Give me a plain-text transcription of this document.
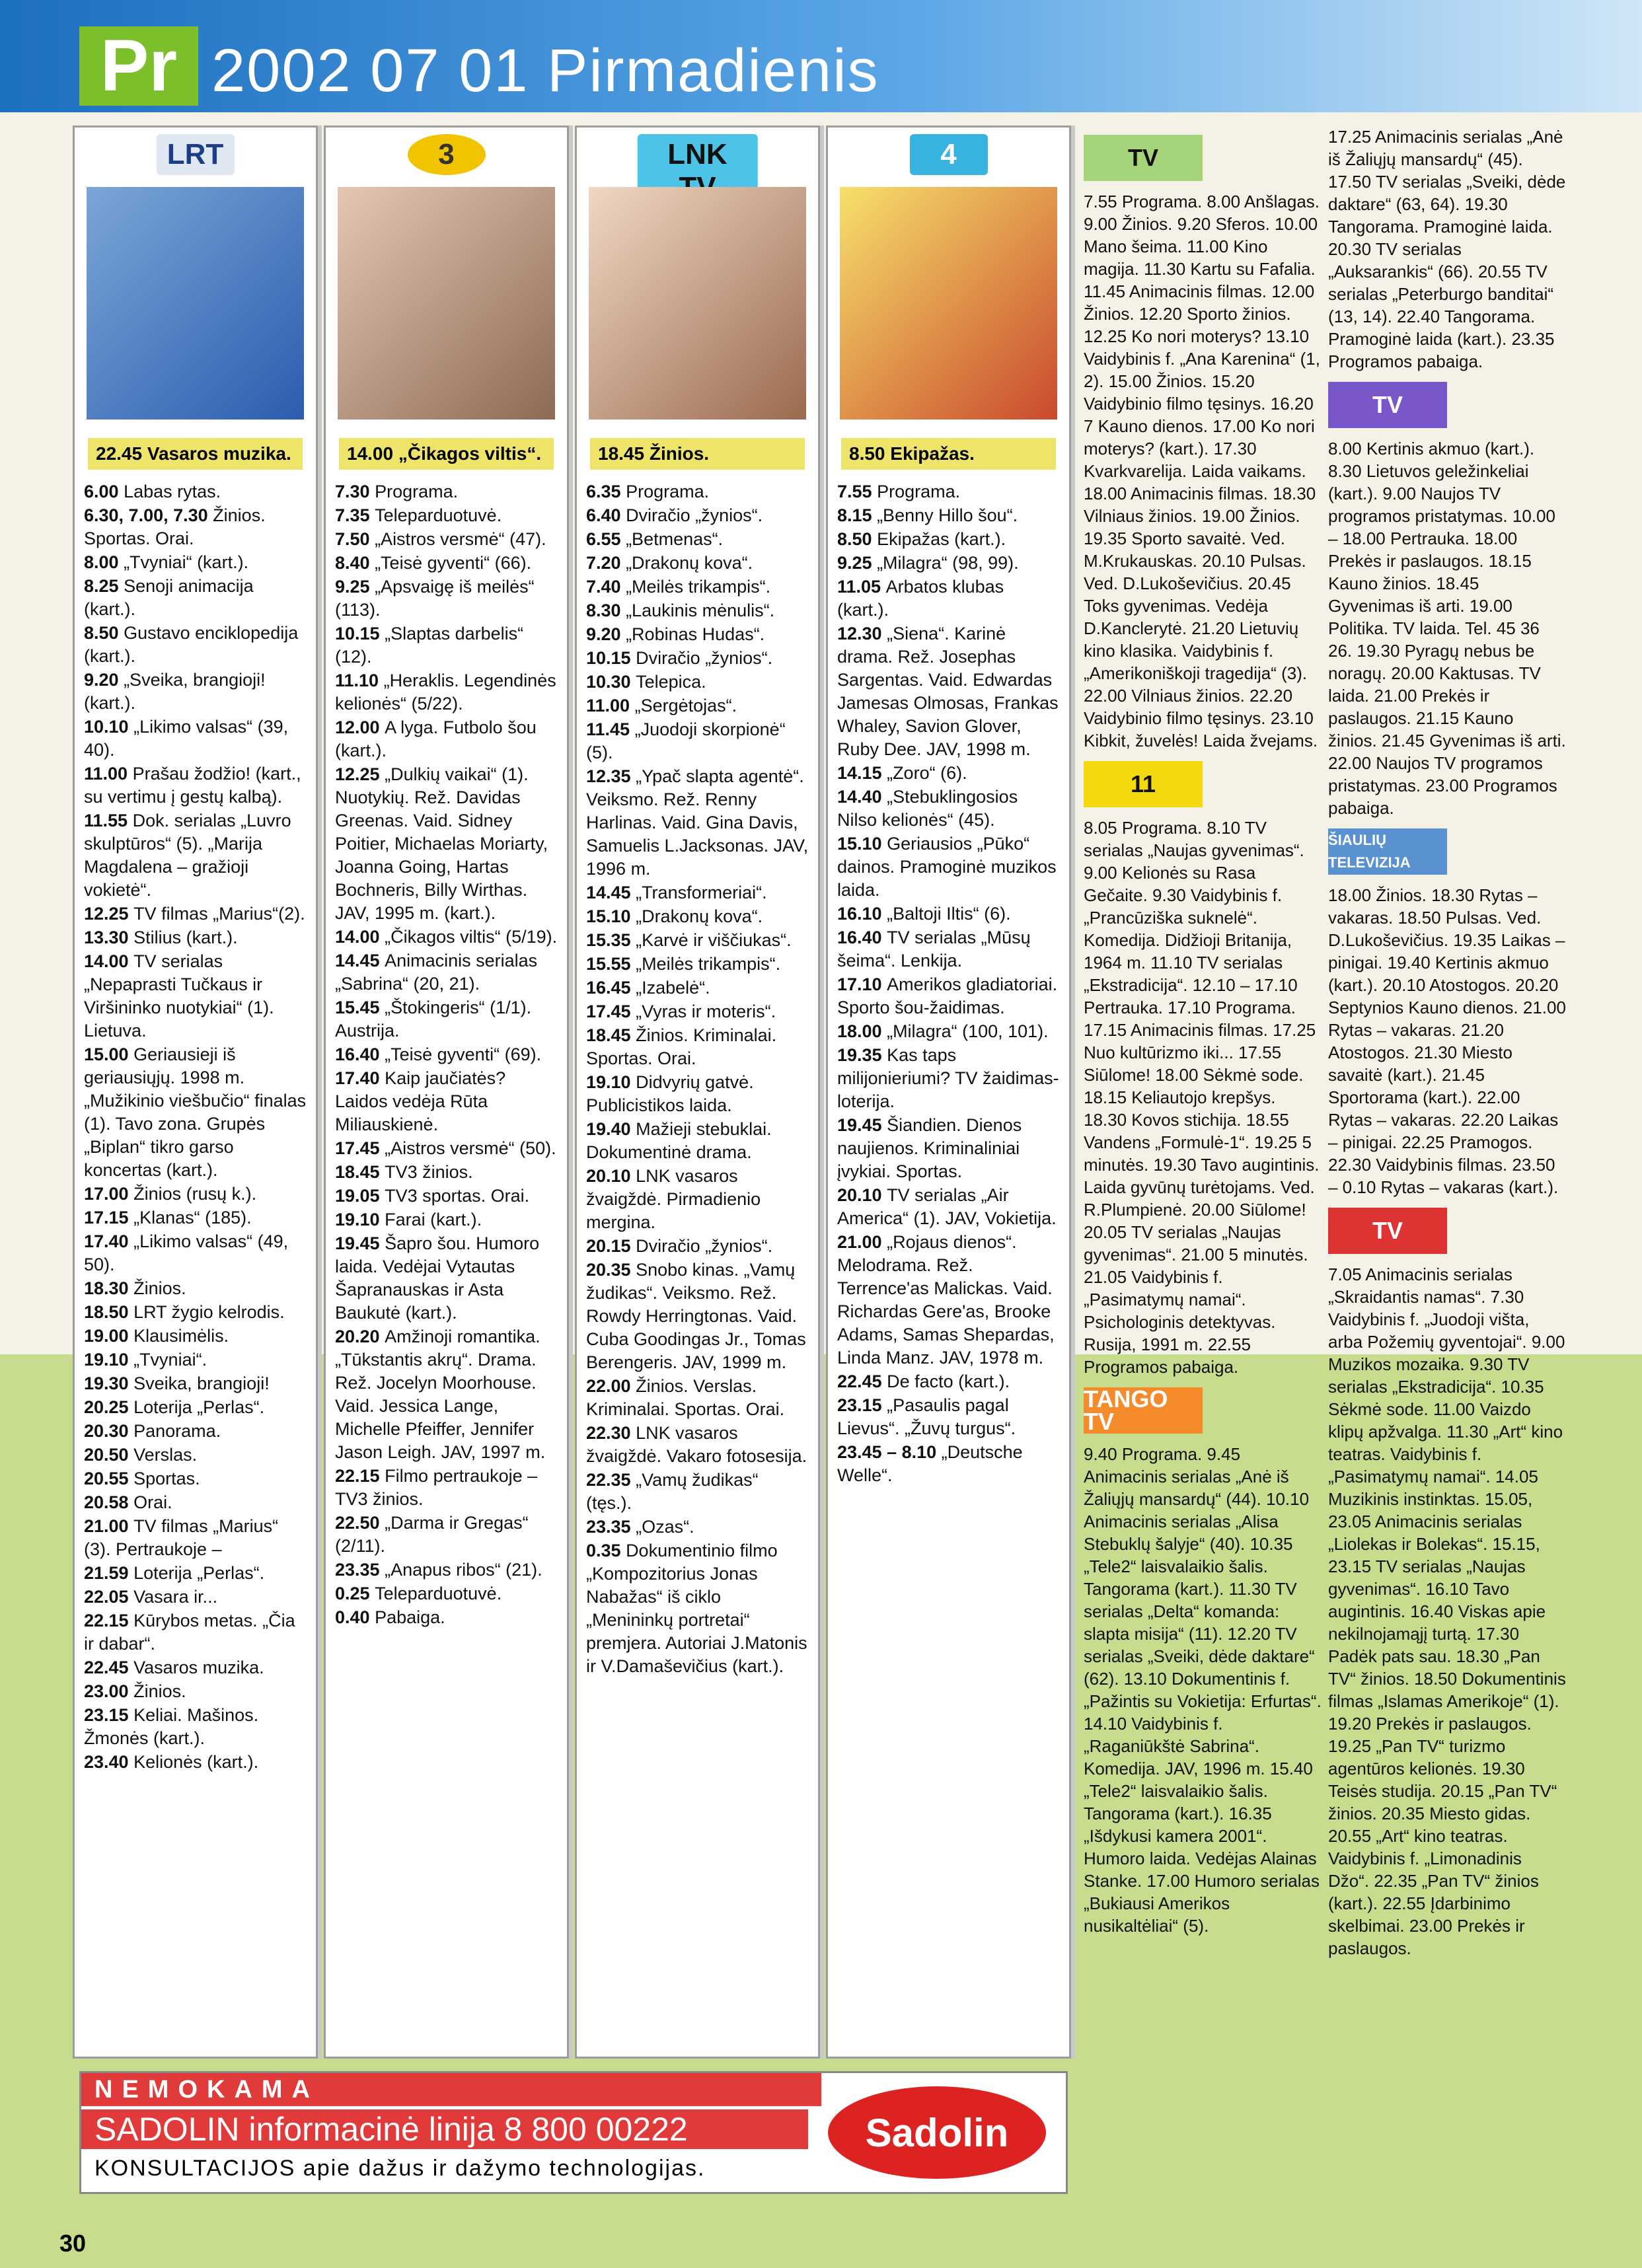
Pr 2002 07 01 Pirmadienis
LRT
22.45 Vasaros muzika.
6.00 Labas rytas.
6.30, 7.00, 7.30 Žinios. Sportas. Orai.
8.00 „Tvyniai“ (kart.).
8.25 Senoji animacija (kart.).
8.50 Gustavo enciklopedija (kart.).
9.20 „Sveika, brangioji! (kart.).
10.10 „Likimo valsas“ (39, 40).
11.00 Prašau žodžio! (kart., su vertimu į gestų kalbą).
11.55 Dok. serialas „Luvro skulptūros“ (5). „Marija Magdalena – gražioji vokietė“.
12.25 TV filmas „Marius“(2).
13.30 Stilius (kart.).
14.00 TV serialas „Nepaprasti Tučkaus ir Viršininko nuotykiai“ (1). Lietuva.
15.00 Geriausieji iš geriausiųjų. 1998 m. „Mužikinio viešbučio“ finalas (1). Tavo zona. Grupės „Biplan“ tikro garso koncertas (kart.).
17.00 Žinios (rusų k.).
17.15 „Klanas“ (185).
17.40 „Likimo valsas“ (49, 50).
18.30 Žinios.
18.50 LRT žygio kelrodis.
19.00 Klausimėlis.
19.10 „Tvyniai“.
19.30 Sveika, brangioji!
20.25 Loterija „Perlas“.
20.30 Panorama.
20.50 Verslas.
20.55 Sportas.
20.58 Orai.
21.00 TV filmas „Marius“ (3). Pertraukoje –
21.59 Loterija „Perlas“.
22.05 Vasara ir...
22.15 Kūrybos metas. „Čia ir dabar“.
22.45 Vasaros muzika.
23.00 Žinios.
23.15 Keliai. Mašinos. Žmonės (kart.).
23.40 Kelionės (kart.).
3
14.00 „Čikagos viltis“.
7.30 Programa.
7.35 Teleparduotuvė.
7.50 „Aistros versmė“ (47).
8.40 „Teisė gyventi“ (66).
9.25 „Apsvaigę iš meilės“ (113).
10.15 „Slaptas darbelis“ (12).
11.10 „Heraklis. Legendinės kelionės“ (5/22).
12.00 A lyga. Futbolo šou (kart.).
12.25 „Dulkių vaikai“ (1). Nuotykių. Rež. Davidas Greenas. Vaid. Sidney Poitier, Michaelas Moriarty, Joanna Going, Hartas Bochneris, Billy Wirthas. JAV, 1995 m. (kart.).
14.00 „Čikagos viltis“ (5/19).
14.45 Animacinis serialas „Sabrina“ (20, 21).
15.45 „Štokingeris“ (1/1). Austrija.
16.40 „Teisė gyventi“ (69).
17.40 Kaip jaučiatės? Laidos vedėja Rūta Miliauskienė.
17.45 „Aistros versmė“ (50).
18.45 TV3 žinios.
19.05 TV3 sportas. Orai.
19.10 Farai (kart.).
19.45 Šapro šou. Humoro laida. Vedėjai Vytautas Šapranauskas ir Asta Baukutė (kart.).
20.20 Amžinoji romantika. „Tūkstantis akrų“. Drama. Rež. Jocelyn Moorhouse. Vaid. Jessica Lange, Michelle Pfeiffer, Jennifer Jason Leigh. JAV, 1997 m.
22.15 Filmo pertraukoje – TV3 žinios.
22.50 „Darma ir Gregas“ (2/11).
23.35 „Anapus ribos“ (21).
0.25 Teleparduotuvė.
0.40 Pabaiga.
LNK
18.45 Žinios.
6.35 Programa.
6.40 Dviračio „žynios“.
6.55 „Betmenas“.
7.20 „Drakonų kova“.
7.40 „Meilės trikampis“.
8.30 „Laukinis mėnulis“.
9.20 „Robinas Hudas“.
10.15 Dviračio „žynios“.
10.30 Telepica.
11.00 „Sergėtojas“.
11.45 „Juodoji skorpionė“ (5).
12.35 „Ypač slapta agentė“. Veiksmo. Rež. Renny Harlinas. Vaid. Gina Davis, Samuelis L.Jacksonas. JAV, 1996 m.
14.45 „Transformeriai“.
15.10 „Drakonų kova“.
15.35 „Karvė ir viščiukas“.
15.55 „Meilės trikampis“.
16.45 „Izabelė“.
17.45 „Vyras ir moteris“.
18.45 Žinios. Kriminalai. Sportas. Orai.
19.10 Didvyrių gatvė. Publicistikos laida.
19.40 Mažieji stebuklai. Dokumentinė drama.
20.10 LNK vasaros žvaigždė. Pirmadienio mergina.
20.15 Dviračio „žynios“.
20.35 Snobo kinas. „Vamų žudikas“. Veiksmo. Rež. Rowdy Herringtonas. Vaid. Cuba Goodingas Jr., Tomas Berengeris. JAV, 1999 m.
22.00 Žinios. Verslas. Kriminalai. Sportas. Orai.
22.30 LNK vasaros žvaigždė. Vakaro fotosesija.
22.35 „Vamų žudikas“ (tęs.).
23.35 „Ozas“.
0.35 Dokumentinio filmo „Kompozitorius Jonas Nabažas“ iš ciklo „Menininkų portretai“ premjera. Autoriai J.Matonis ir V.Damaševičius (kart.).
4
8.50 Ekipažas.
7.55 Programa.
8.15 „Benny Hillo šou“.
8.50 Ekipažas (kart.).
9.25 „Milagra“ (98, 99).
11.05 Arbatos klubas (kart.).
12.30 „Siena“. Karinė drama. Rež. Josephas Sargentas. Vaid. Edwardas Jamesas Olmosas, Frankas Whaley, Savion Glover, Ruby Dee. JAV, 1998 m.
14.15 „Zoro“ (6).
14.40 „Stebuklingosios Nilso kelionės“ (45).
15.10 Geriausios „Pūko“ dainos. Pramoginė muzikos laida.
16.10 „Baltoji Iltis“ (6).
16.40 TV serialas „Mūsų šeima“. Lenkija.
17.10 Amerikos gladiatoriai. Sporto šou-žaidimas.
18.00 „Milagra“ (100, 101).
19.35 Kas taps milijonieriumi? TV žaidimas-loterija.
19.45 Šiandien. Dienos naujienos. Kriminaliniai įvykiai. Sportas.
20.10 TV serialas „Air America“ (1). JAV, Vokietija.
21.00 „Rojaus dienos“. Melodrama. Rež. Terrence'as Malickas. Vaid. Richardas Gere'as, Brooke Adams, Samas Shepardas, Linda Manz. JAV, 1978 m.
22.45 De facto (kart.).
23.15 „Pasaulis pagal Lievus“. „Žuvų turgus“.
23.45 – 8.10 „Deutsche Welle“.
TV

7.55 Programa. 8.00 Anšlagas. 9.00 Žinios. 9.20 Sferos. 10.00 Mano šeima. 11.00 Kino magija. 11.30 Kartu su Fafalia. 11.45 Animacinis filmas. 12.00 Žinios. 12.20 Sporto žinios. 12.25 Ko nori moterys? 13.10 Vaidybinis f. „Ana Karenina“ (1, 2). 15.00 Žinios. 15.20 Vaidybinio filmo tęsinys. 16.20 7 Kauno dienos. 17.00 Ko nori moterys? (kart.). 17.30 Kvarkvarelija. Laida vaikams. 18.00 Animacinis filmas. 18.30 Vilniaus žinios. 19.00 Žinios. 19.35 Sporto savaitė. Ved. M.Krukauskas. 20.10 Pulsas. Ved. D.Lukoševičius. 20.45 Toks gyvenimas. Vedėja D.Kanclerytė. 21.20 Lietuvių kino klasika. Vaidybinis f. „Amerikoniškoji tragedija“ (3). 22.00 Vilniaus žinios. 22.20 Vaidybinio filmo tęsinys. 23.10 Kibkit, žuvelės! Laida žvejams.

11

8.05 Programa. 8.10 TV serialas „Naujas gyvenimas“. 9.00 Kelionės su Rasa Gečaite. 9.30 Vaidybinis f. „Prancūziška suknelė“. Komedija. Didžioji Britanija, 1964 m. 11.10 TV serialas „Ekstradicija“. 12.10 – 17.10 Pertrauka. 17.10 Programa. 17.15 Animacinis filmas. 17.25 Nuo kultūrizmo iki... 17.55 Siūlome! 18.00 Sėkmė sode. 18.15 Keliautojo krepšys. 18.30 Kovos stichija. 18.55 Vandens „Formulė-1“. 19.25 5 minutės. 19.30 Tavo augintinis. Laida gyvūnų turėtojams. Ved. R.Plumpienė. 20.00 Siūlome! 20.05 TV serialas „Naujas gyvenimas“. 21.00 5 minutės. 21.05 Vaidybinis f. „Pasimatymų namai“. Psichologinis detektyvas. Rusija, 1991 m. 22.55 Programos pabaiga.

TANGO TV

9.40 Programa. 9.45 Animacinis serialas „Anė iš Žaliųjų mansardų“ (44). 10.10 Animacinis serialas „Alisa Stebuklų šalyje“ (40). 10.35 „Tele2“ laisvalaikio šalis. Tangorama (kart.). 11.30 TV serialas „Delta“ komanda: slapta misija“ (11). 12.20 TV serialas „Sveiki, dėde daktare“ (62). 13.10 Dokumentinis f. „Pažintis su Vokietija: Erfurtas“. 14.10 Vaidybinis f. „Raganiūkštė Sabrina“. Komedija. JAV, 1996 m. 15.40 „Tele2“ laisvalaikio šalis. Tangorama (kart.). 16.35 „Išdykusi kamera 2001“. Humoro laida. Vedėjas Alainas Stanke. 17.00 Humoro serialas „Bukiausi Amerikos nusikaltėliai“ (5).

17.25 Animacinis serialas „Anė iš Žaliųjų mansardų“ (45). 17.50 TV serialas „Sveiki, dėde daktare“ (63, 64). 19.30 Tangorama. Pramoginė laida. 20.30 TV serialas „Auksarankis“ (66). 20.55 TV serialas „Peterburgo banditai“ (13, 14). 22.40 Tangorama. Pramoginė laida (kart.). 23.35 Programos pabaiga.

TV

8.00 Kertinis akmuo (kart.). 8.30 Lietuvos geležinkeliai (kart.). 9.00 Naujos TV programos pristatymas. 10.00 – 18.00 Pertrauka. 18.00 Prekės ir paslaugos. 18.15 Kauno žinios. 18.45 Gyvenimas iš arti. 19.00 Politika. TV laida. Tel. 45 36 26. 19.30 Pyragų nebus be noragų. 20.00 Kaktusas. TV laida. 21.00 Prekės ir paslaugos. 21.15 Kauno žinios. 21.45 Gyvenimas iš arti. 22.00 Naujos TV programos pristatymas. 23.00 Programos pabaiga.

ŠIAULIŲ TELEVIZIJA

18.00 Žinios. 18.30 Rytas – vakaras. 18.50 Pulsas. Ved. D.Lukoševičius. 19.35 Laikas – pinigai. 19.40 Kertinis akmuo (kart.). 20.10 Atostogos. 20.20 Septynios Kauno dienos. 21.00 Rytas – vakaras. 21.20 Atostogos. 21.30 Miesto savaitė (kart.). 21.45 Sportorama (kart.). 22.00 Rytas – vakaras. 22.20 Laikas – pinigai. 22.25 Pramogos. 22.30 Vaidybinis filmas. 23.50 – 0.10 Rytas – vakaras (kart.).

TV

7.05 Animacinis serialas „Skraidantis namas“. 7.30 Vaidybinis f. „Juodoji višta, arba Požemių gyventojai“. 9.00 Muzikos mozaika. 9.30 TV serialas „Ekstradicija“. 10.35 Sėkmė sode. 11.00 Vaizdo klipų apžvalga. 11.30 „Art“ kino teatras. Vaidybinis f. „Pasimatymų namai“. 14.05 Muzikinis instinktas. 15.05, 23.05 Animacinis serialas „Liolekas ir Bolekas“. 15.15, 23.15 TV serialas „Naujas gyvenimas“. 16.10 Tavo augintinis. 16.40 Viskas apie nekilnojamąjį turtą. 17.30 Padėk pats sau. 18.30 „Pan TV“ žinios. 18.50 Dokumentinis filmas „Islamas Amerikoje“ (1). 19.20 Prekės ir paslaugos. 19.25 „Pan TV“ turizmo agentūros kelionės. 19.30 Teisės studija. 20.15 „Pan TV“ žinios. 20.35 Miesto gidas. 20.55 „Art“ kino teatras. Vaidybinis f. „Limonadinis Džo“. 22.35 „Pan TV“ žinios (kart.). 22.55 Įdarbinimo skelbimai. 23.00 Prekės ir paslaugos.

NEMOKAMA
SADOLIN informacinė linija 8 800 00222
KONSULTACIJOS apie dažus ir dažymo technologijas.
Sadolin
30
